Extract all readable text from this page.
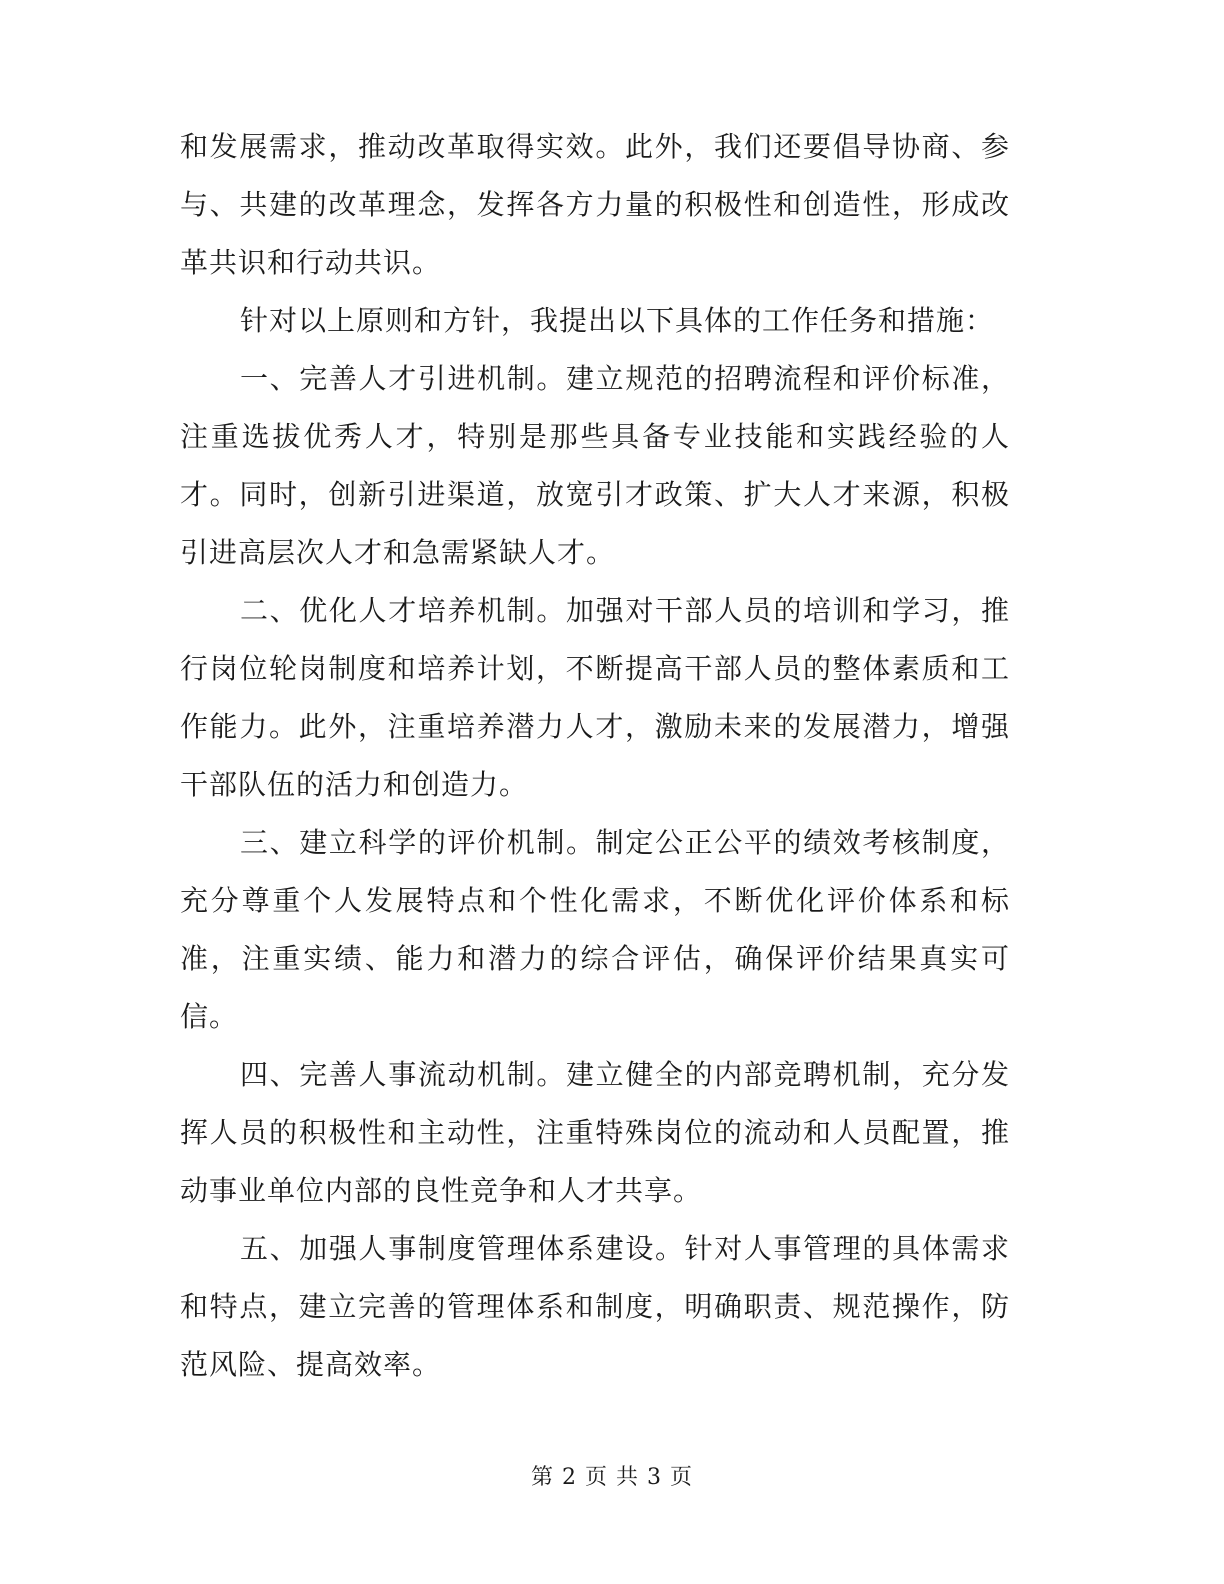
和发展需求，推动改革取得实效。此外，我们还要倡导协商、参与、共建的改革理念，发挥各方力量的积极性和创造性，形成改革共识和行动共识。

针对以上原则和方针，我提出以下具体的工作任务和措施：

一、完善人才引进机制。建立规范的招聘流程和评价标准，注重选拔优秀人才，特别是那些具备专业技能和实践经验的人才。同时，创新引进渠道，放宽引才政策、扩大人才来源，积极引进高层次人才和急需紧缺人才。

二、优化人才培养机制。加强对干部人员的培训和学习，推行岗位轮岗制度和培养计划，不断提高干部人员的整体素质和工作能力。此外，注重培养潜力人才，激励未来的发展潜力，增强干部队伍的活力和创造力。

三、建立科学的评价机制。制定公正公平的绩效考核制度，充分尊重个人发展特点和个性化需求，不断优化评价体系和标准，注重实绩、能力和潜力的综合评估，确保评价结果真实可信。

四、完善人事流动机制。建立健全的内部竞聘机制，充分发挥人员的积极性和主动性，注重特殊岗位的流动和人员配置，推动事业单位内部的良性竞争和人才共享。

五、加强人事制度管理体系建设。针对人事管理的具体需求和特点，建立完善的管理体系和制度，明确职责、规范操作，防范风险、提高效率。

第 2 页 共 3 页
